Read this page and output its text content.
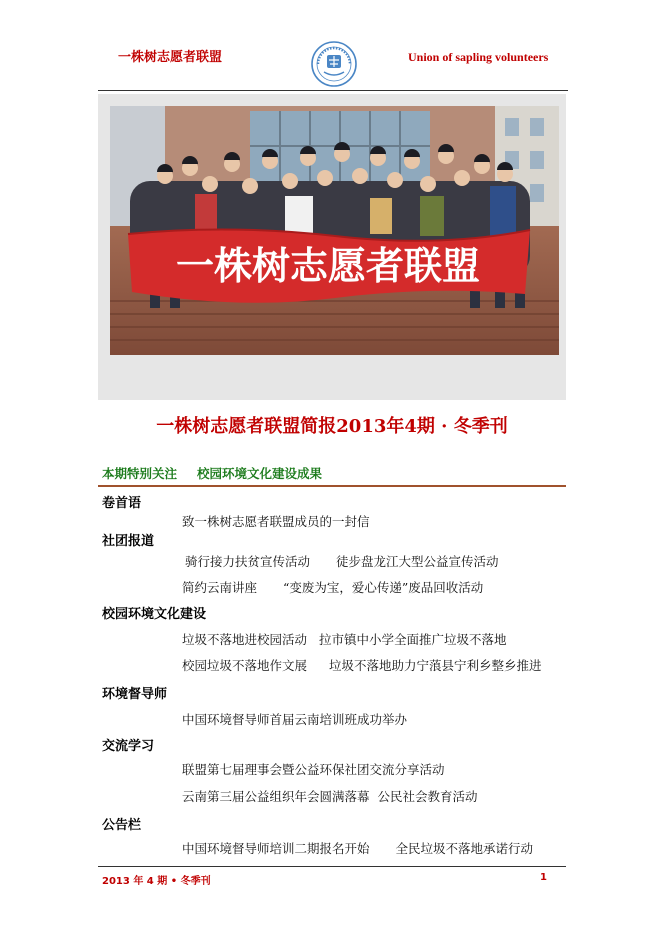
一株树志愿者联盟	Union of sapling volunteers
一株树志愿者联盟
一株树志愿者联盟简报2013年4期 · 冬季刊
本期特别关注 校园环境文化建设成果
卷首语
致一株树志愿者联盟成员的一封信
社团报道
骑行接力扶贫宣传活动 徒步盘龙江大型公益宣传活动
简约云南讲座 “变废为宝，爱心传递”废品回收活动
校园环境文化建设
垃圾不落地进校园活动 拉市镇中小学全面推广垃圾不落地
校园垃圾不落地作文展 垃圾不落地助力宁蒗县宁利乡整乡推进
环境督导师
中国环境督导师首届云南培训班成功举办
交流学习
联盟第七届理事会暨公益环保社团交流分享活动
云南第三届公益组织年会圆满落幕 公民社会教育活动
公告栏
中国环境督导师培训二期报名开始 全民垃圾不落地承诺行动
2013 年 4 期 • 冬季刊	1
